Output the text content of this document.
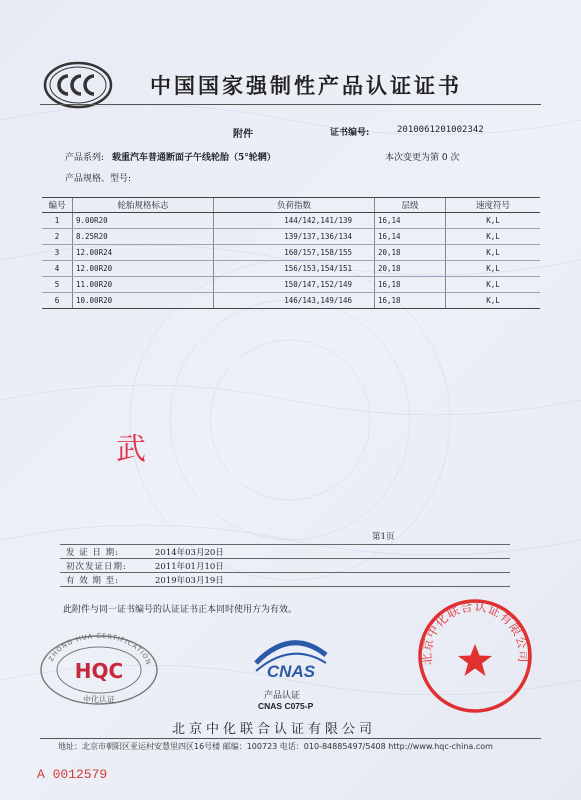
中国国家强制性产品认证证书
附件	证书编号:	2010061201002342
产品系列: 载重汽车普通断面子午线轮胎（5°轮辋）	本次变更为第 0 次
产品规格、型号:
编号	轮胎规格标志	负荷指数	层级	速度符号
1	9.00R20	144/142,141/139	16,14	K,L
2	8.25R20	139/137,136/134	16,14	K,L
3	12.00R24	160/157,158/155	20,18	K,L
4	12.00R20	156/153,154/151	20,18	K,L
5	11.00R20	150/147,152/149	16,18	K,L
6	10.00R20	146/143,149/146	16,18	K,L
武
第1页
发 证 日 期:	2014年03月20日
初次发证日期:	2011年01月10日
有 效 期 至:	2019年03月19日
此附件与同一证书编号的认证证书正本同时使用方为有效。
ZHONG HUA CERTIFICATION
HQC
中化认证
CNAS
产品认证
CNAS C075-P
北京中化联合认证有限公司
北京中化联合认证有限公司
地址：北京市朝阳区亚运村安慧里四区16号楼 邮编：100723 电话：010-84885497/5408 http://www.hqc-china.com
A 0012579
